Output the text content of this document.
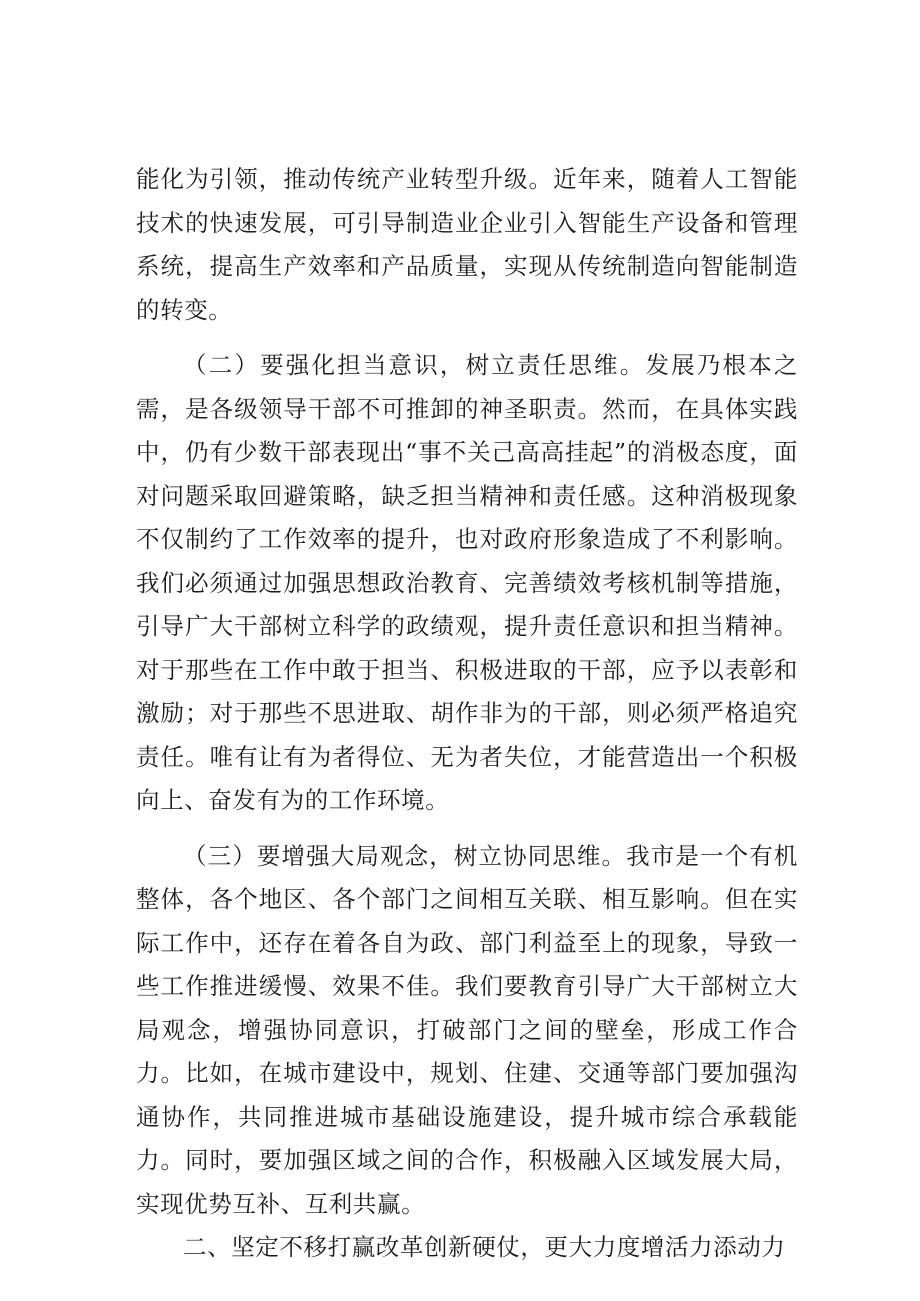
能化为引领，推动传统产业转型升级。近年来，随着人工智能技术的快速发展，可引导制造业企业引入智能生产设备和管理系统，提高生产效率和产品质量，实现从传统制造向智能制造的转变。

（二）要强化担当意识，树立责任思维。发展乃根本之需，是各级领导干部不可推卸的神圣职责。然而，在具体实践中，仍有少数干部表现出“事不关己高高挂起”的消极态度，面对问题采取回避策略，缺乏担当精神和责任感。这种消极现象不仅制约了工作效率的提升，也对政府形象造成了不利影响。我们必须通过加强思想政治教育、完善绩效考核机制等措施，引导广大干部树立科学的政绩观，提升责任意识和担当精神。对于那些在工作中敢于担当、积极进取的干部，应予以表彰和激励；对于那些不思进取、胡作非为的干部，则必须严格追究责任。唯有让有为者得位、无为者失位，才能营造出一个积极向上、奋发有为的工作环境。

（三）要增强大局观念，树立协同思维。我市是一个有机整体，各个地区、各个部门之间相互关联、相互影响。但在实际工作中，还存在着各自为政、部门利益至上的现象，导致一些工作推进缓慢、效果不佳。我们要教育引导广大干部树立大局观念，增强协同意识，打破部门之间的壁垒，形成工作合力。比如，在城市建设中，规划、住建、交通等部门要加强沟通协作，共同推进城市基础设施建设，提升城市综合承载能力。同时，要加强区域之间的合作，积极融入区域发展大局，实现优势互补、互利共赢。

二、坚定不移打赢改革创新硬仗，更大力度增活力添动力
